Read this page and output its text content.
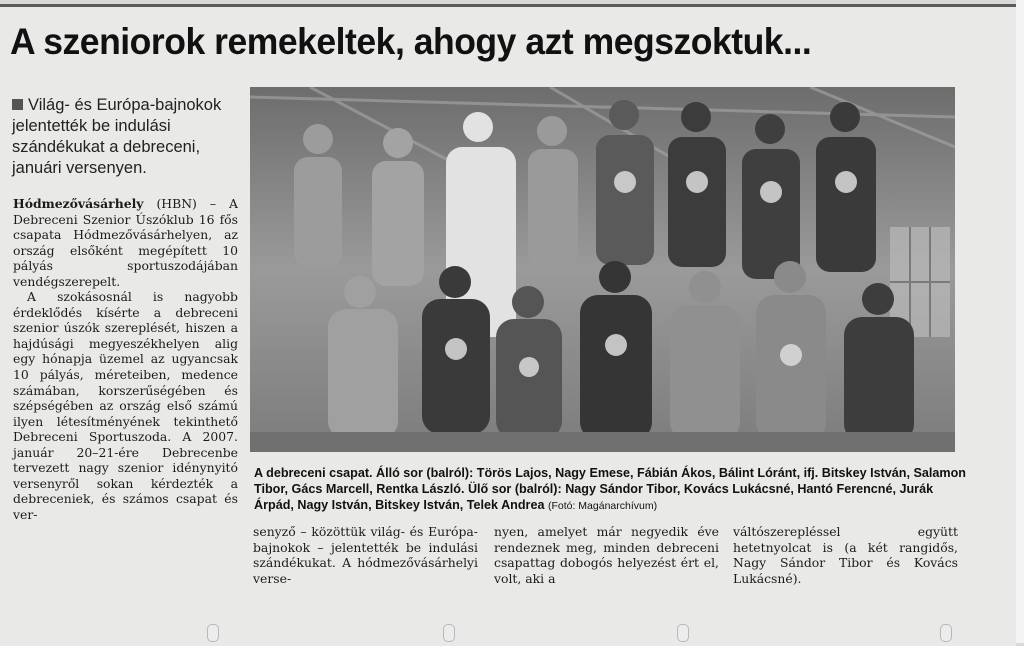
A szeniorok remekeltek, ahogy azt megszoktuk...
Világ- és Európa-bajnokok jelentették be indulási szándékukat a debreceni, januári versenyen.
Hódmezővásárhely (HBN) – A Debreceni Szenior Úszóklub 16 fős csapata Hódmezővásárhelyen, az ország elsőként megépített 10 pályás sportuszodájában vendégszerepelt.
A szokásosnál is nagyobb érdeklődés kísérte a debreceni szenior úszók szereplését, hiszen a hajdúsági megyeszékhelyen alig egy hónapja üzemel az ugyancsak 10 pályás, méreteiben, medence számában, korszerűségében és szépségében az ország első számú ilyen létesítményének tekinthető Debreceni Sportuszoda. A 2007. január 20–21-ére Debrecenbe tervezett nagy szenior idénynyitó versenyről sokan kérdezték a debreceniek, és számos csapat és ver-
A debreceni csapat. Álló sor (balról): Törös Lajos, Nagy Emese, Fábián Ákos, Bálint Lóránt, ifj. Bitskey István, Salamon Tibor, Gács Marcell, Rentka László. Ülő sor (balról): Nagy Sándor Tibor, Kovács Lukácsné, Hantó Ferencné, Jurák Árpád, Nagy István, Bitskey István, Telek Andrea (Fotó: Magánarchívum)
senyző – közöttük világ- és Európa-bajnokok – jelentették be indulási szándékukat. A hódmezővásárhelyi verse-
nyen, amelyet már negyedik éve rendeznek meg, minden debreceni csapattag dobogós helyezést ért el, volt, aki a
váltószerepléssel együtt hetetnyolcat is (a két rangidős, Nagy Sándor Tibor és Kovács Lukácsné).
